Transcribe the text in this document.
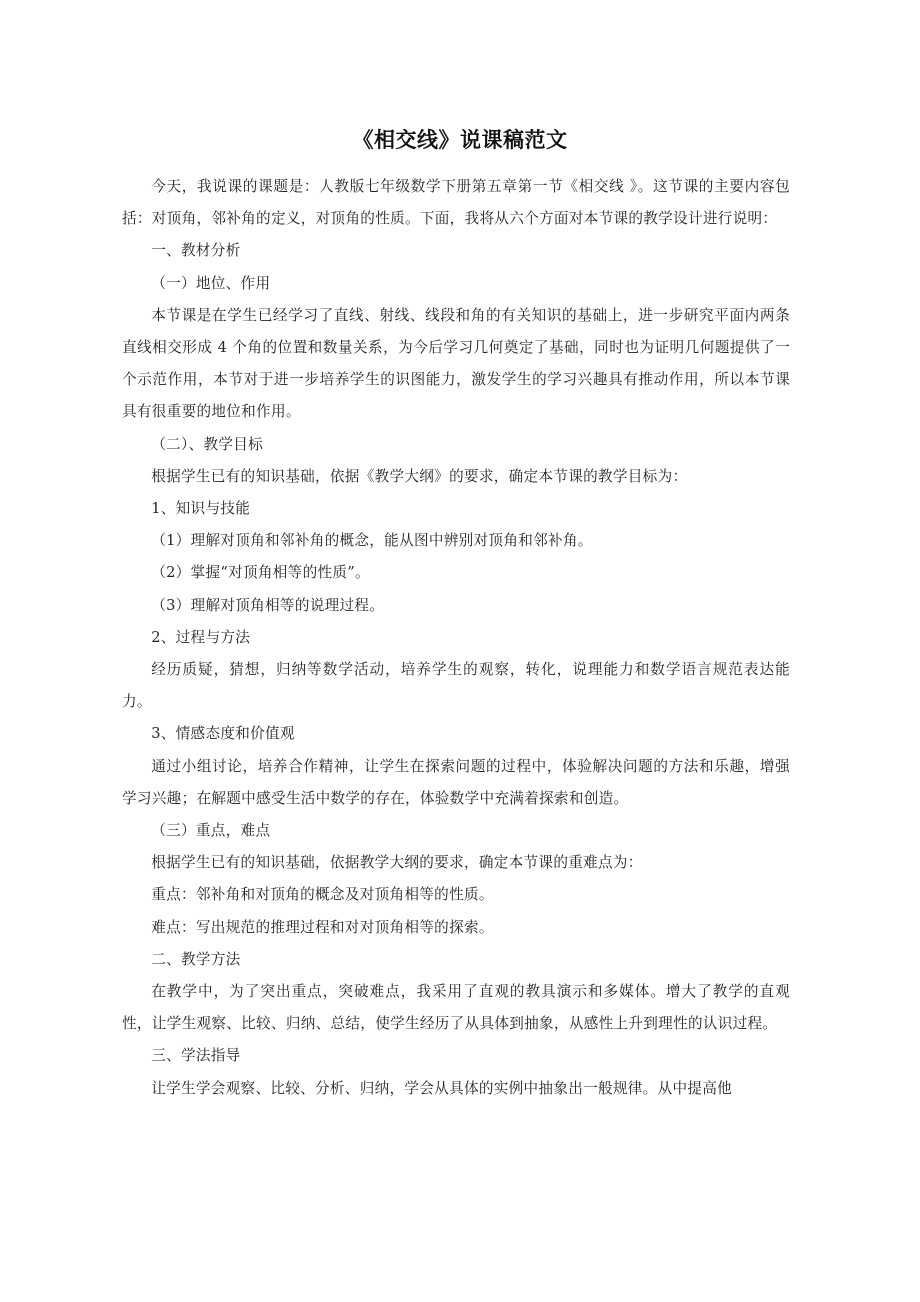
《相交线》说课稿范文

今天，我说课的课题是：人教版七年级数学下册第五章第一节《相交线 》。这节课的主要内容包括：对顶角，邻补角的定义，对顶角的性质。下面，我将从六个方面对本节课的教学设计进行说明：

一、教材分析

（一）地位、作用

本节课是在学生已经学习了直线、射线、线段和角的有关知识的基础上，进一步研究平面内两条直线相交形成 4 个角的位置和数量关系，为今后学习几何奠定了基础，同时也为证明几何题提供了一个示范作用，本节对于进一步培养学生的识图能力，激发学生的学习兴趣具有推动作用，所以本节课具有很重要的地位和作用。

（二）、教学目标

根据学生已有的知识基础，依据《教学大纲》的要求，确定本节课的教学目标为：

1、知识与技能

（1）理解对顶角和邻补角的概念，能从图中辨别对顶角和邻补角。

（2）掌握“对顶角相等的性质”。

（3）理解对顶角相等的说理过程。

2、过程与方法

经历质疑，猜想，归纳等数学活动，培养学生的观察，转化，说理能力和数学语言规范表达能力。

3、情感态度和价值观

通过小组讨论，培养合作精神，让学生在探索问题的过程中，体验解决问题的方法和乐趣，增强学习兴趣；在解题中感受生活中数学的存在，体验数学中充满着探索和创造。

（三）重点，难点

根据学生已有的知识基础，依据教学大纲的要求，确定本节课的重难点为：

重点：邻补角和对顶角的概念及对顶角相等的性质。

难点：写出规范的推理过程和对对顶角相等的探索。

二、教学方法

在教学中，为了突出重点，突破难点，我采用了直观的教具演示和多媒体。增大了教学的直观性，让学生观察、比较、归纳、总结，使学生经历了从具体到抽象，从感性上升到理性的认识过程。

三、学法指导

让学生学会观察、比较、分析、归纳，学会从具体的实例中抽象出一般规律。从中提高他
